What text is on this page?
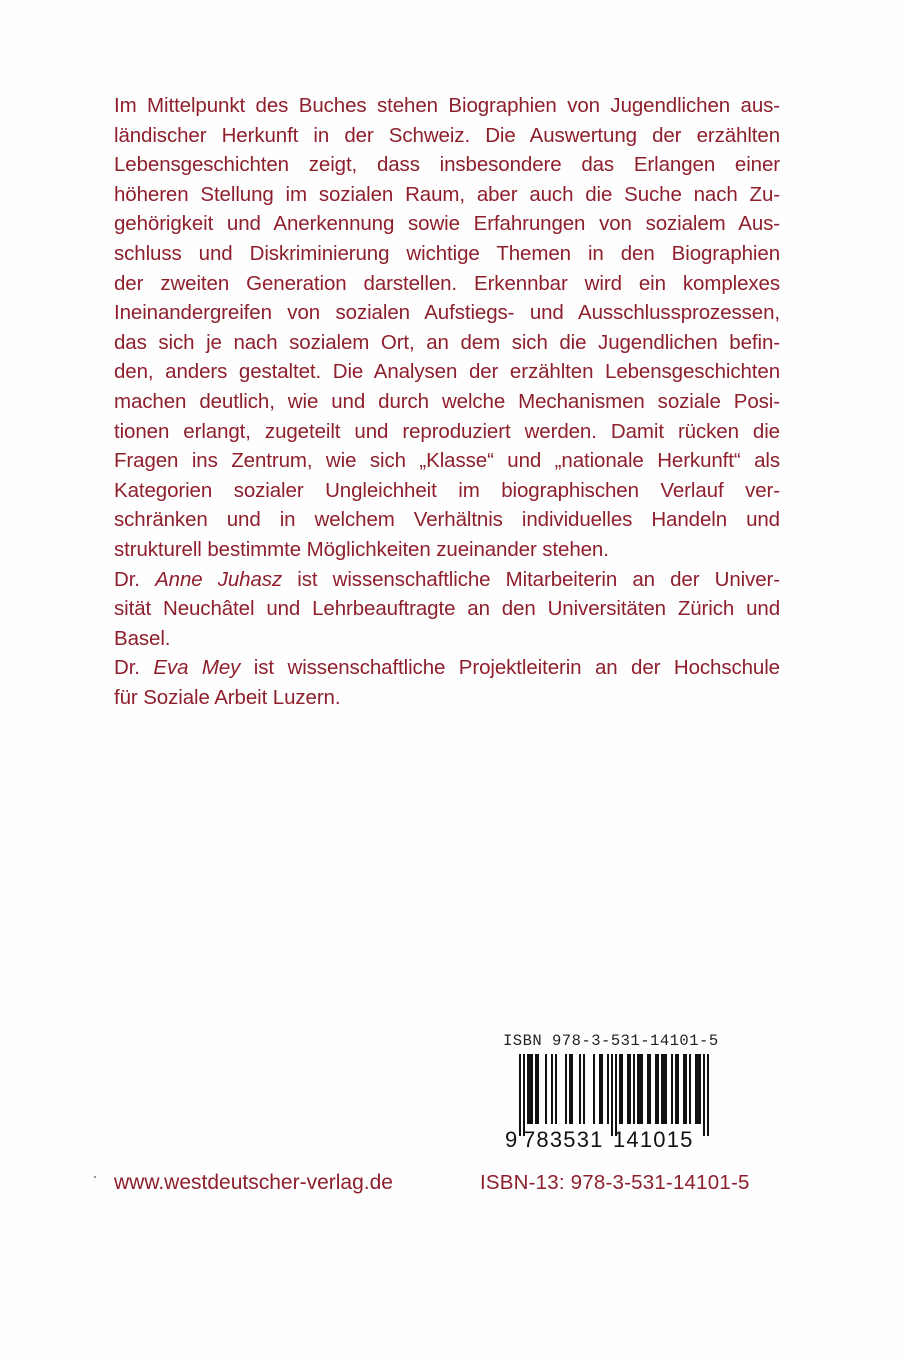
Im Mittelpunkt des Buches stehen Biographien von Jugendlichen aus-
ländischer Herkunft in der Schweiz. Die Auswertung der erzählten
Lebensgeschichten zeigt, dass insbesondere das Erlangen einer
höheren Stellung im sozialen Raum, aber auch die Suche nach Zu-
gehörigkeit und Anerkennung sowie Erfahrungen von sozialem Aus-
schluss und Diskriminierung wichtige Themen in den Biographien
der zweiten Generation darstellen. Erkennbar wird ein komplexes
Ineinandergreifen von sozialen Aufstiegs- und Ausschlussprozessen,
das sich je nach sozialem Ort, an dem sich die Jugendlichen befin-
den, anders gestaltet. Die Analysen der erzählten Lebensgeschichten
machen deutlich, wie und durch welche Mechanismen soziale Posi-
tionen erlangt, zugeteilt und reproduziert werden. Damit rücken die
Fragen ins Zentrum, wie sich „Klasse“ und „nationale Herkunft“ als
Kategorien sozialer Ungleichheit im biographischen Verlauf ver-
schränken und in welchem Verhältnis individuelles Handeln und
strukturell bestimmte Möglichkeiten zueinander stehen.
Dr. Anne Juhasz ist wissenschaftliche Mitarbeiterin an der Univer-
sität Neuchâtel und Lehrbeauftragte an den Universitäten Zürich und
Basel.
Dr. Eva Mey ist wissenschaftliche Projektleiterin an der Hochschule
für Soziale Arbeit Luzern.
ISBN 978-3-531-14101-5
9 783531 141015
www.westdeutscher-verlag.de	ISBN-13: 978-3-531-14101-5
